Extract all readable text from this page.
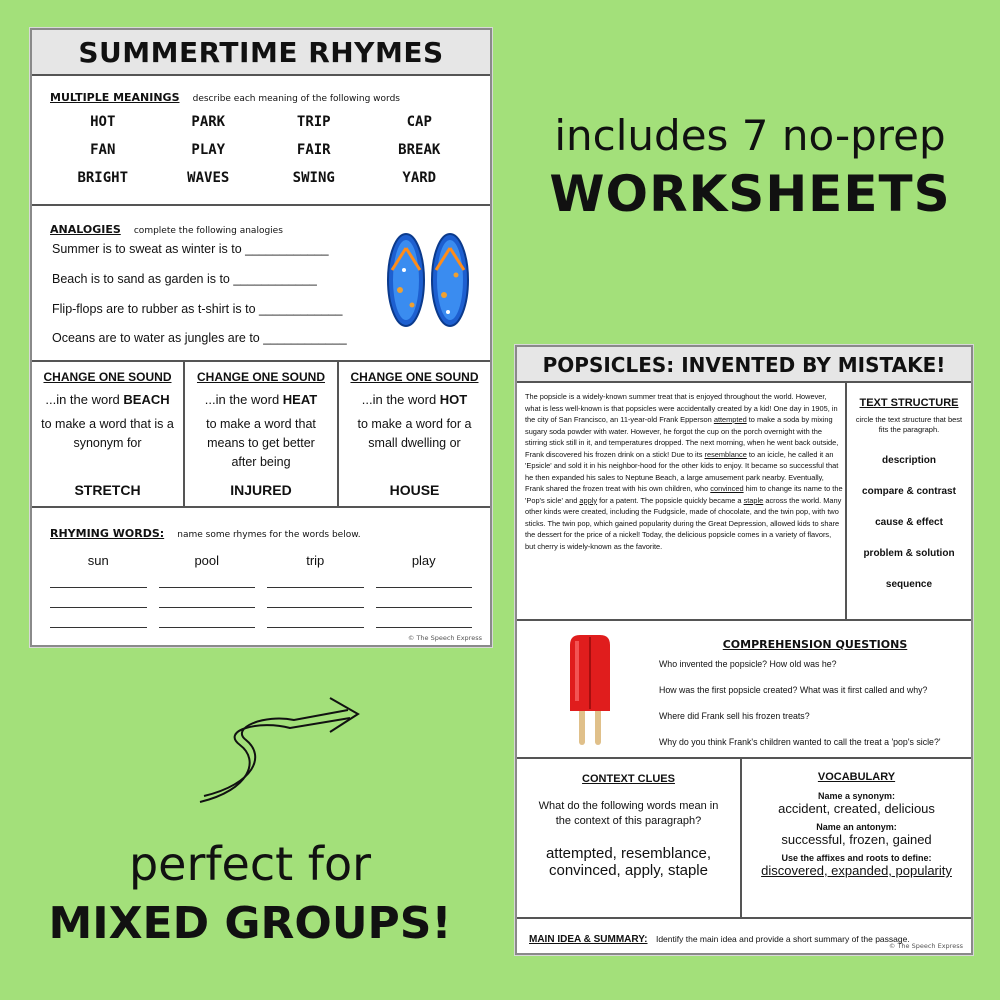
SUMMERTIME RHYMES
MULTIPLE MEANINGS describe each meaning of the following words
HOT	PARK	TRIP	CAP
FAN	PLAY	FAIR	BREAK
BRIGHT	WAVES	SWING	YARD
ANALOGIES complete the following analogies
Summer is to sweat as winter is to ____________
Beach is to sand as garden is to ____________
Flip-flops are to rubber as t-shirt is to ____________
Oceans are to water as jungles are to ____________
CHANGE ONE SOUND
...in the word BEACH
to make a word that is a synonym for
STRETCH
CHANGE ONE SOUND
...in the word HEAT
to make a word that means to get better after being
INJURED
CHANGE ONE SOUND
...in the word HOT
to make a word for a small dwelling or
HOUSE
RHYMING WORDS: name some rhymes for the words below.
sun	pool	trip	play
© The Speech Express
includes 7 no-prep
WORKSHEETS
perfect for
MIXED GROUPS!
POPSICLES: INVENTED BY MISTAKE!
The popsicle is a widely-known summer treat that is enjoyed throughout the world. However, what is less well-known is that popsicles were accidentally created by a kid! One day in 1905, in the city of San Francisco, an 11-year-old Frank Epperson attempted to make a soda by mixing sugary soda powder with water. However, he forgot the cup on the porch overnight with the stirring stick still in it, and temperatures dropped. The next morning, when he went back outside, Frank discovered his frozen drink on a stick! Due to its resemblance to an icicle, he called it an 'Epsicle' and sold it in his neighbor-hood for the other kids to enjoy. It became so successful that he then expanded his sales to Neptune Beach, a large amusement park nearby. Eventually, Frank shared the frozen treat with his own children, who convinced him to change its name to the 'Pop's sicle' and apply for a patent. The popsicle quickly became a staple across the world. Many other kinds were created, including the Fudgsicle, made of chocolate, and the twin pop, with two sticks. The twin pop, which gained popularity during the Great Depression, allowed kids to share the dessert for the price of a nickel! Today, the delicious popsicle comes in a variety of flavors, but cherry is widely-known as the favorite.
TEXT STRUCTURE
circle the text structure that best fits the paragraph.
description
compare & contrast
cause & effect
problem & solution
sequence
COMPREHENSION QUESTIONS
Who invented the popsicle? How old was he?
How was the first popsicle created? What was it first called and why?
Where did Frank sell his frozen treats?
Why do you think Frank's children wanted to call the treat a 'pop's sicle?'
CONTEXT CLUES
What do the following words mean in the context of this paragraph?
attempted, resemblance,
convinced, apply, staple
VOCABULARY
Name a synonym:
accident, created, delicious
Name an antonym:
successful, frozen, gained
Use the affixes and roots to define:
discovered, expanded, popularity
MAIN IDEA & SUMMARY: Identify the main idea and provide a short summary of the passage.
© The Speech Express
